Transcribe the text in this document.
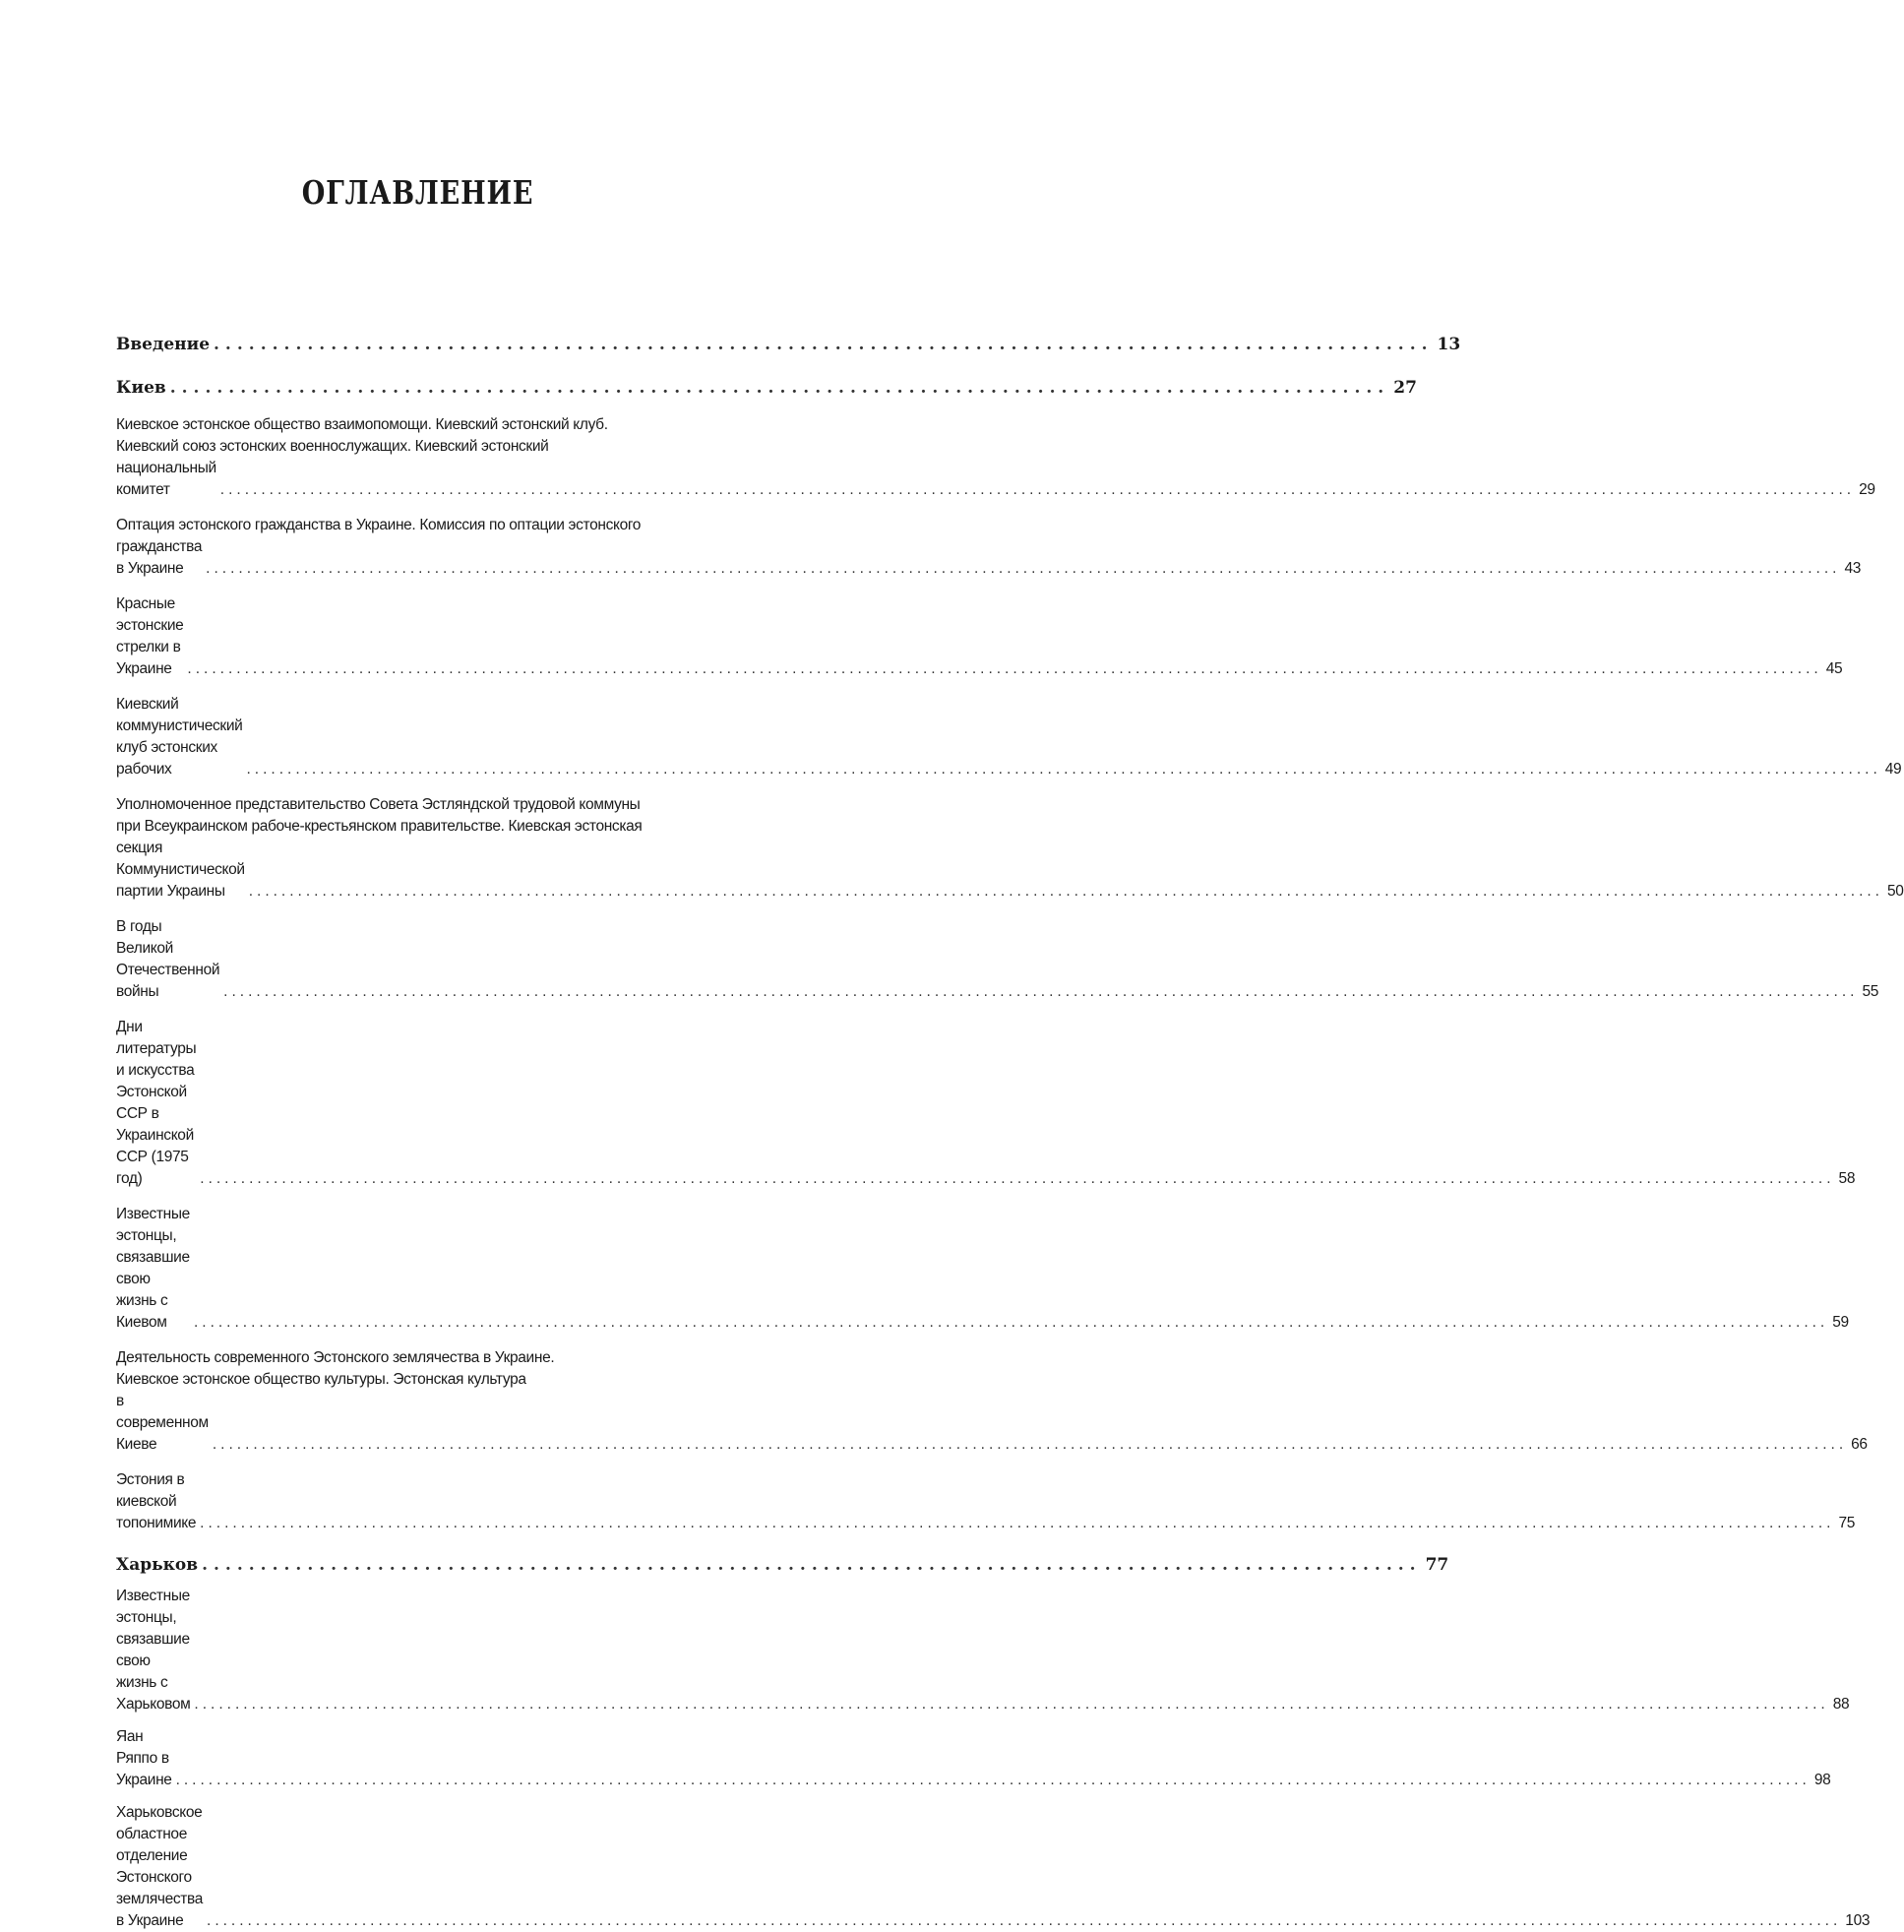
ОГЛАВЛЕНИЕ
Введение ........................................................................................................ 13
Киев ........................................................................................................ 27
Киевское эстонское общество взаимопомощи. Киевский эстонский клуб.
Киевский союз эстонских военнослужащих. Киевский эстонский
национальный комитет	........................................................................................................................................................................................................ 29
Оптация эстонского гражданства в Украине. Комиссия по оптации эстонского
гражданства в Украине	........................................................................................................................................................................................................ 43
Красные эстонские стрелки в Украине	........................................................................................................................................................................................................ 45
Киевский коммунистический клуб эстонских рабочих	........................................................................................................................................................................................................ 49
Уполномоченное представительство Совета Эстляндской трудовой коммуны
при Всеукраинском рабоче-крестьянском правительстве. Киевская эстонская
секция Коммунистической партии Украины	........................................................................................................................................................................................................ 50
В годы Великой Отечественной войны	........................................................................................................................................................................................................ 55
Дни литературы и искусства Эстонской ССР в Украинской ССР (1975 год)	........................................................................................................................................................................................................ 58
Известные эстонцы, связавшие свою жизнь с Киевом	........................................................................................................................................................................................................ 59
Деятельность современного Эстонского землячества в Украине.
Киевское эстонское общество культуры. Эстонская культура
в современном Киеве	........................................................................................................................................................................................................ 66
Эстония в киевской топонимике ........................................................................................................................................................................................................ 75
Харьков ........................................................................................................ 77
Известные эстонцы, связавшие свою жизнь с Харьковом ........................................................................................................................................................................................................ 88
Яан Ряппо в Украине ........................................................................................................................................................................................................ 98
Харьковское областное отделение Эстонского землячества в Украине	........................................................................................................................................................................................................ 103
